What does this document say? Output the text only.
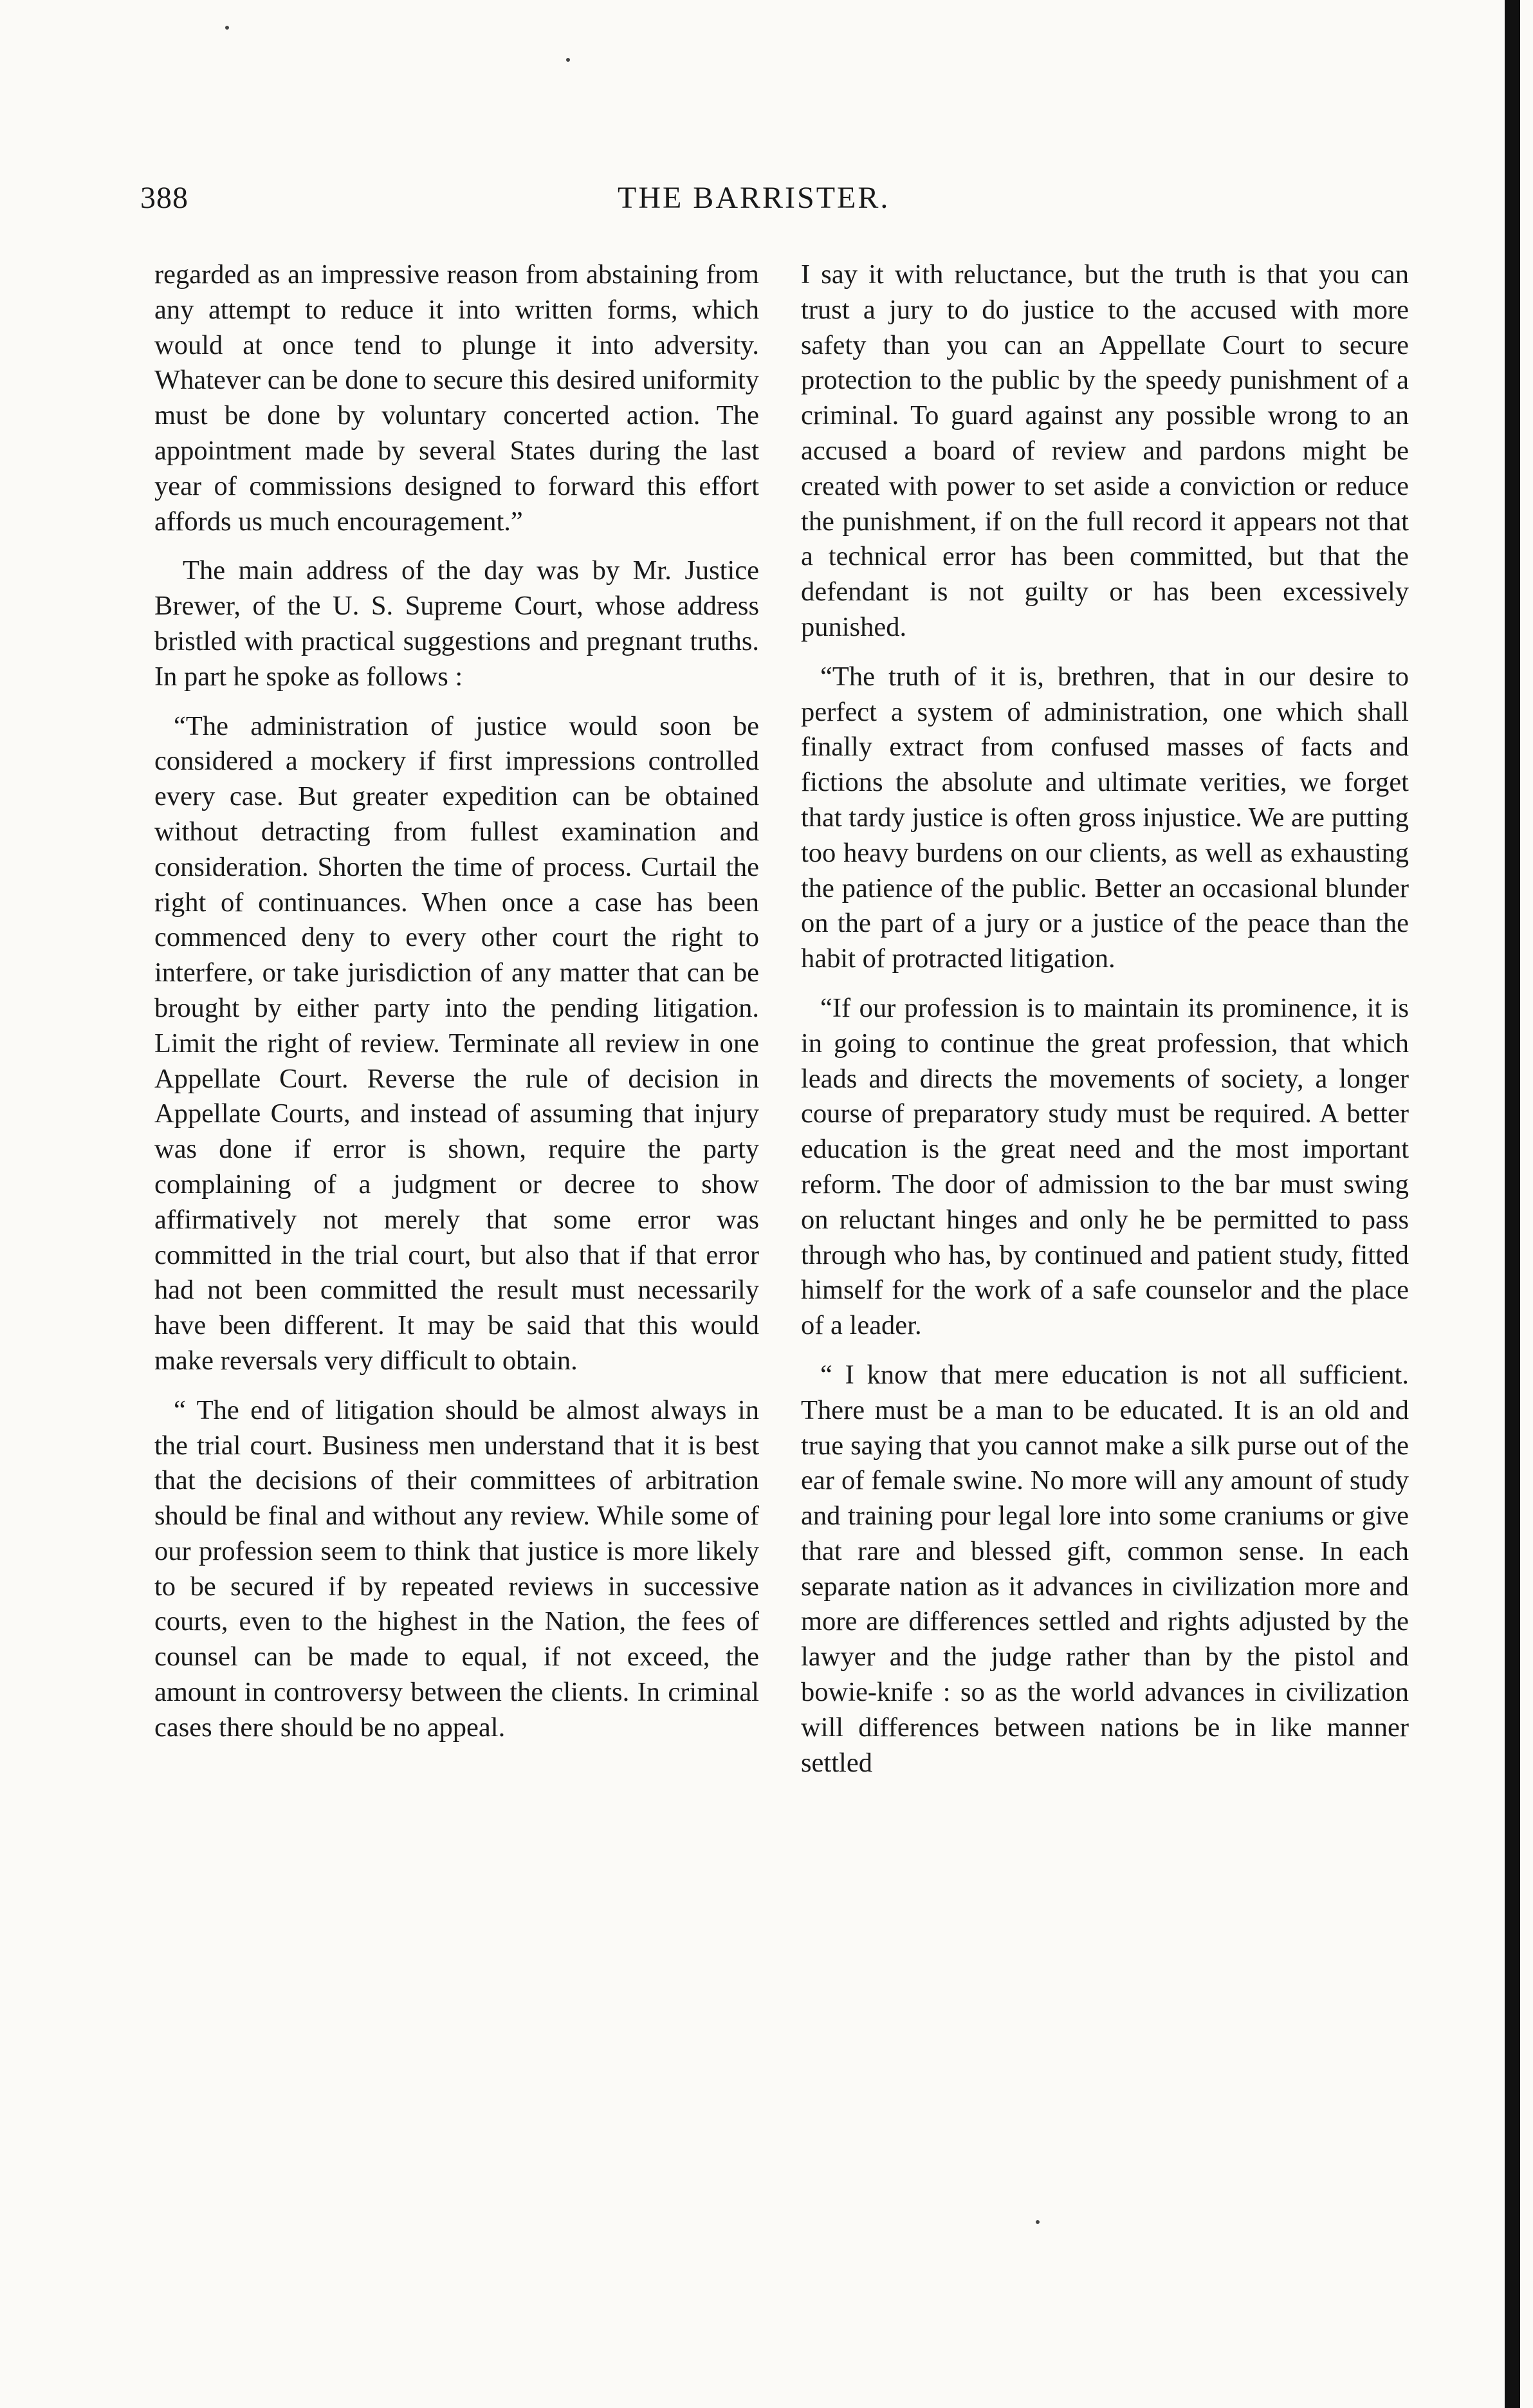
388	THE BARRISTER.

regarded as an impressive reason from abstaining from any attempt to reduce it into written forms, which would at once tend to plunge it into adversity. Whatever can be done to secure this desired uniformity must be done by voluntary concerted action. The appointment made by several States during the last year of commissions designed to forward this effort affords us much encouragement.”

The main address of the day was by Mr. Justice Brewer, of the U. S. Supreme Court, whose address bristled with practical suggestions and pregnant truths. In part he spoke as follows :

“The administration of justice would soon be considered a mockery if first impressions controlled every case. But greater expedition can be obtained without detracting from fullest examination and consideration. Shorten the time of process. Curtail the right of continuances. When once a case has been commenced deny to every other court the right to interfere, or take jurisdiction of any matter that can be brought by either party into the pending litigation. Limit the right of review. Terminate all review in one Appellate Court. Reverse the rule of decision in Appellate Courts, and instead of assuming that injury was done if error is shown, require the party complaining of a judgment or decree to show affirmatively not merely that some error was committed in the trial court, but also that if that error had not been committed the result must necessarily have been different. It may be said that this would make reversals very difficult to obtain.

“ The end of litigation should be almost always in the trial court. Business men understand that it is best that the decisions of their committees of arbitration should be final and without any review. While some of our profession seem to think that justice is more likely to be secured if by repeated reviews in successive courts, even to the highest in the Nation, the fees of counsel can be made to equal, if not exceed, the amount in controversy between the clients. In criminal cases there should be no appeal.

I say it with reluctance, but the truth is that you can trust a jury to do justice to the accused with more safety than you can an Appellate Court to secure protection to the public by the speedy punishment of a criminal. To guard against any possible wrong to an accused a board of review and pardons might be created with power to set aside a conviction or reduce the punishment, if on the full record it appears not that a technical error has been committed, but that the defendant is not guilty or has been excessively punished.

“The truth of it is, brethren, that in our desire to perfect a system of administration, one which shall finally extract from confused masses of facts and fictions the absolute and ultimate verities, we forget that tardy justice is often gross injustice. We are putting too heavy burdens on our clients, as well as exhausting the patience of the public. Better an occasional blunder on the part of a jury or a justice of the peace than the habit of protracted litigation.

“If our profession is to maintain its prominence, it is in going to continue the great profession, that which leads and directs the movements of society, a longer course of preparatory study must be required. A better education is the great need and the most important reform. The door of admission to the bar must swing on reluctant hinges and only he be permitted to pass through who has, by continued and patient study, fitted himself for the work of a safe counselor and the place of a leader.

“ I know that mere education is not all sufficient. There must be a man to be educated. It is an old and true saying that you cannot make a silk purse out of the ear of female swine. No more will any amount of study and training pour legal lore into some craniums or give that rare and blessed gift, common sense. In each separate nation as it advances in civilization more and more are differences settled and rights adjusted by the lawyer and the judge rather than by the pistol and bowie-knife : so as the world advances in civilization will differences between nations be in like manner settled
